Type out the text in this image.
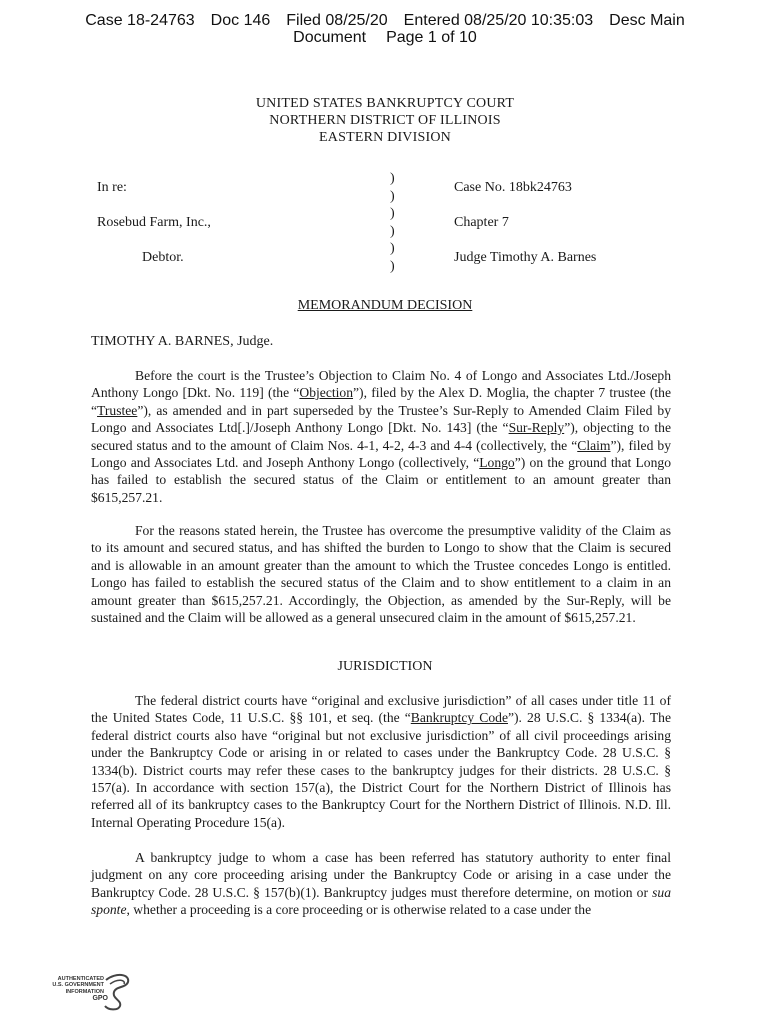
Case 18-24763 Doc 146 Filed 08/25/20 Entered 08/25/20 10:35:03 Desc Main
Document Page 1 of 10
UNITED STATES BANKRUPTCY COURT
NORTHERN DISTRICT OF ILLINOIS
EASTERN DIVISION
In re:
Rosebud Farm, Inc.,
Debtor.
)
)
)
)
)
)
Case No. 18bk24763
Chapter 7
Judge Timothy A. Barnes
MEMORANDUM DECISION
TIMOTHY A. BARNES, Judge.

Before the court is the Trustee’s Objection to Claim No. 4 of Longo and Associates Ltd./Joseph Anthony Longo [Dkt. No. 119] (the “Objection”), filed by the Alex D. Moglia, the chapter 7 trustee (the “Trustee”), as amended and in part superseded by the Trustee’s Sur-Reply to Amended Claim Filed by Longo and Associates Ltd[.]/Joseph Anthony Longo [Dkt. No. 143] (the “Sur-Reply”), objecting to the secured status and to the amount of Claim Nos. 4-1, 4-2, 4-3 and 4-4 (collectively, the “Claim”), filed by Longo and Associates Ltd. and Joseph Anthony Longo (collectively, “Longo”) on the ground that Longo has failed to establish the secured status of the Claim or entitlement to an amount greater than $615,257.21.

For the reasons stated herein, the Trustee has overcome the presumptive validity of the Claim as to its amount and secured status, and has shifted the burden to Longo to show that the Claim is secured and is allowable in an amount greater than the amount to which the Trustee concedes Longo is entitled. Longo has failed to establish the secured status of the Claim and to show entitlement to a claim in an amount greater than $615,257.21. Accordingly, the Objection, as amended by the Sur-Reply, will be sustained and the Claim will be allowed as a general unsecured claim in the amount of $615,257.21.

JURISDICTION

The federal district courts have “original and exclusive jurisdiction” of all cases under title 11 of the United States Code, 11 U.S.C. §§ 101, et seq. (the “Bankruptcy Code”). 28 U.S.C. § 1334(a). The federal district courts also have “original but not exclusive jurisdiction” of all civil proceedings arising under the Bankruptcy Code or arising in or related to cases under the Bankruptcy Code. 28 U.S.C. § 1334(b). District courts may refer these cases to the bankruptcy judges for their districts. 28 U.S.C. § 157(a). In accordance with section 157(a), the District Court for the Northern District of Illinois has referred all of its bankruptcy cases to the Bankruptcy Court for the Northern District of Illinois. N.D. Ill. Internal Operating Procedure 15(a).

A bankruptcy judge to whom a case has been referred has statutory authority to enter final judgment on any core proceeding arising under the Bankruptcy Code or arising in a case under the Bankruptcy Code. 28 U.S.C. § 157(b)(1). Bankruptcy judges must therefore determine, on motion or sua sponte, whether a proceeding is a core proceeding or is otherwise related to a case under the

AUTHENTICATED
U.S. GOVERNMENT
INFORMATION
GPO
